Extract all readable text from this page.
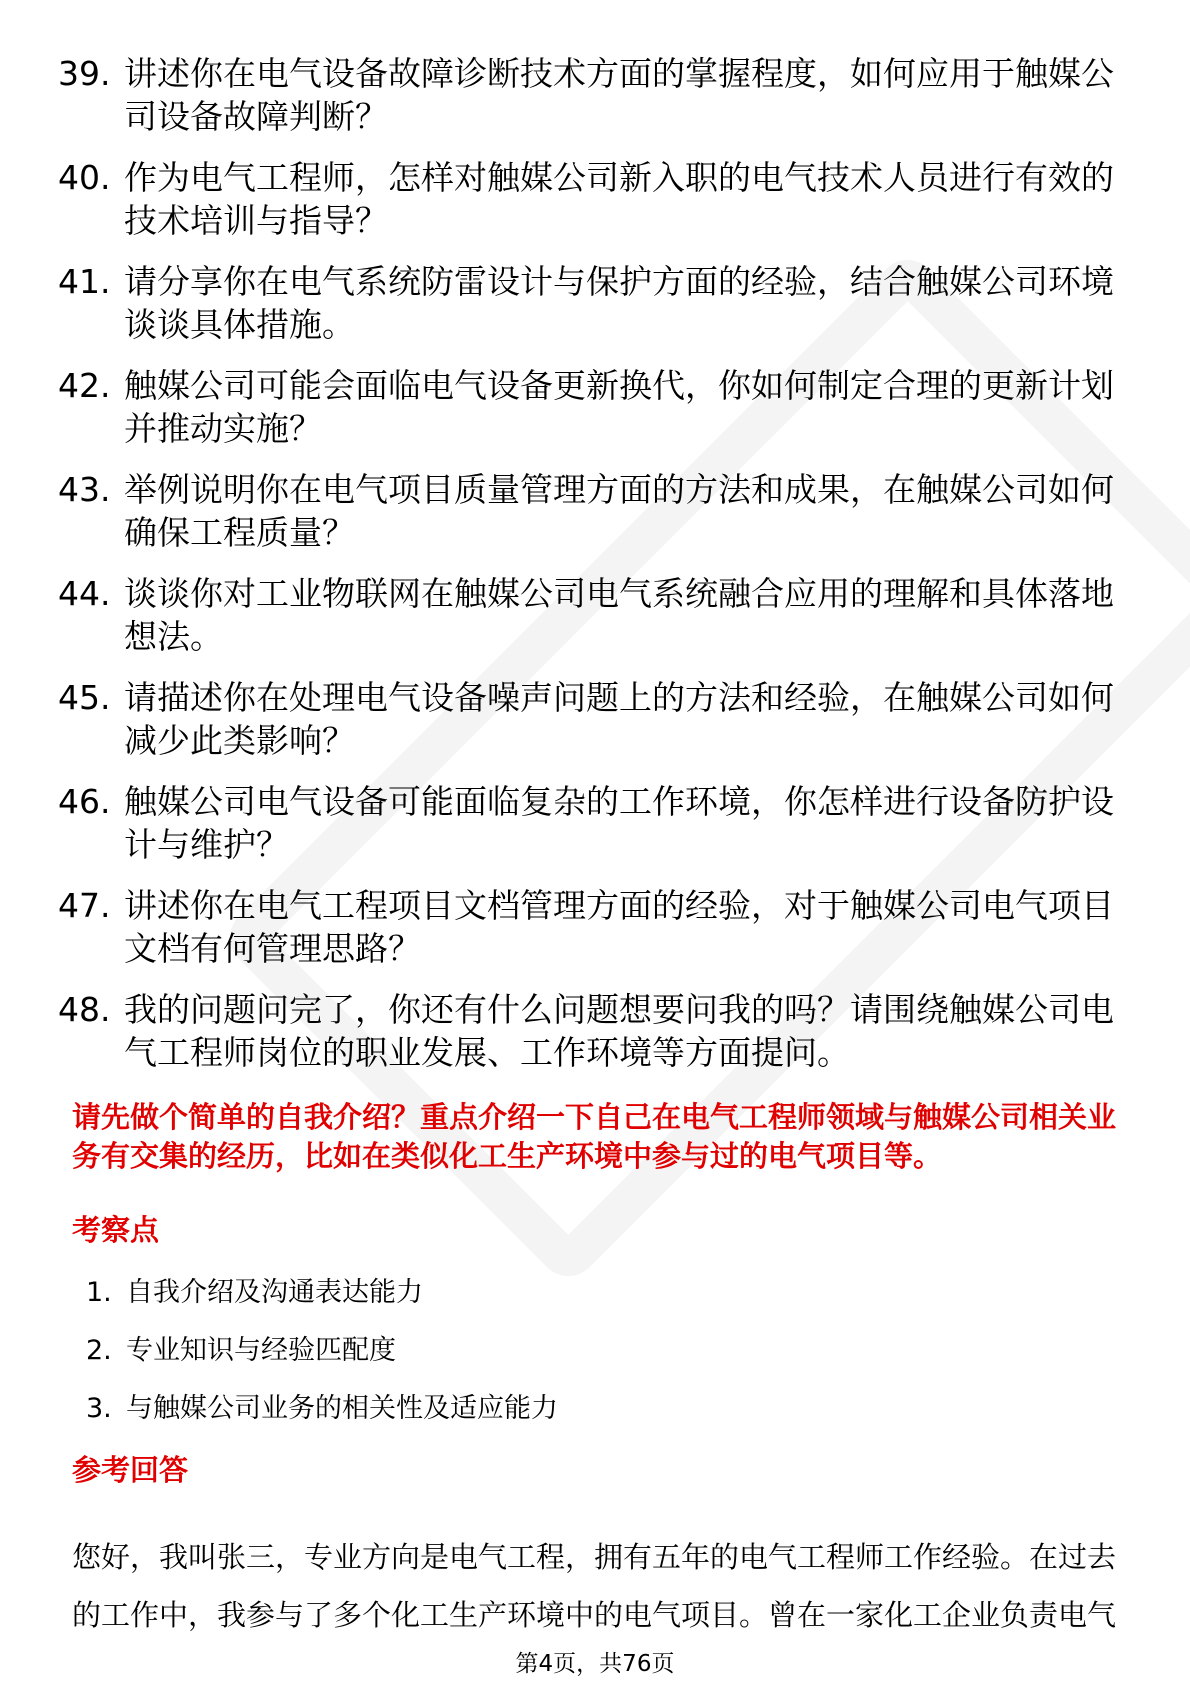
39. 讲述你在电气设备故障诊断技术方面的掌握程度，如何应用于触媒公司设备故障判断？
40. 作为电气工程师，怎样对触媒公司新入职的电气技术人员进行有效的技术培训与指导？
41. 请分享你在电气系统防雷设计与保护方面的经验，结合触媒公司环境谈谈具体措施。
42. 触媒公司可能会面临电气设备更新换代，你如何制定合理的更新计划并推动实施？
43. 举例说明你在电气项目质量管理方面的方法和成果，在触媒公司如何确保工程质量？
44. 谈谈你对工业物联网在触媒公司电气系统融合应用的理解和具体落地想法。
45. 请描述你在处理电气设备噪声问题上的方法和经验，在触媒公司如何减少此类影响？
46. 触媒公司电气设备可能面临复杂的工作环境，你怎样进行设备防护设计与维护？
47. 讲述你在电气工程项目文档管理方面的经验，对于触媒公司电气项目文档有何管理思路？
48. 我的问题问完了，你还有什么问题想要问我的吗？请围绕触媒公司电气工程师岗位的职业发展、工作环境等方面提问。
请先做个简单的自我介绍？重点介绍一下自己在电气工程师领域与触媒公司相关业务有交集的经历，比如在类似化工生产环境中参与过的电气项目等。
考察点
1. 自我介绍及沟通表达能力
2. 专业知识与经验匹配度
3. 与触媒公司业务的相关性及适应能力
参考回答
您好，我叫张三，专业方向是电气工程，拥有五年的电气工程师工作经验。在过去的工作中，我参与了多个化工生产环境中的电气项目。曾在一家化工企业负责电气
第4页，共76页
